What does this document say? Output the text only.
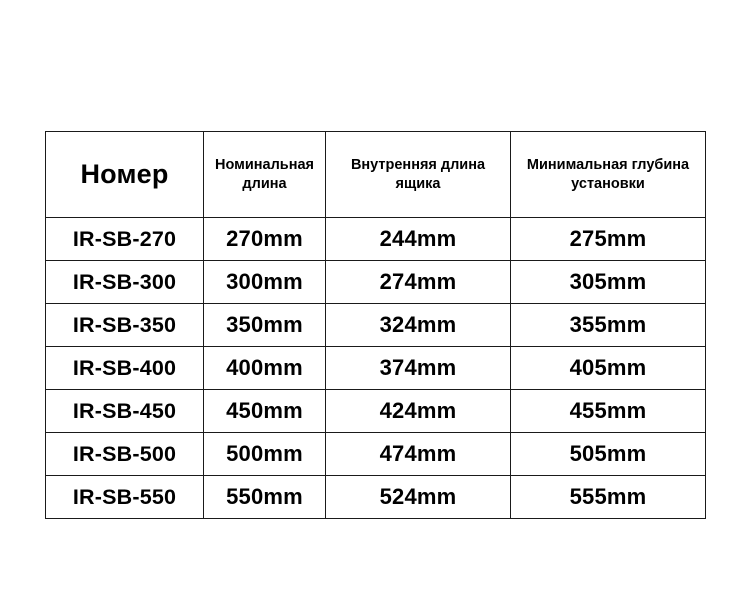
Номер	Номинальная длина	Внутренняя длина ящика	Минимальная глубина установки

IR-SB-270	270mm	244mm	275mm
IR-SB-300	300mm	274mm	305mm
IR-SB-350	350mm	324mm	355mm
IR-SB-400	400mm	374mm	405mm
IR-SB-450	450mm	424mm	455mm
IR-SB-500	500mm	474mm	505mm
IR-SB-550	550mm	524mm	555mm
